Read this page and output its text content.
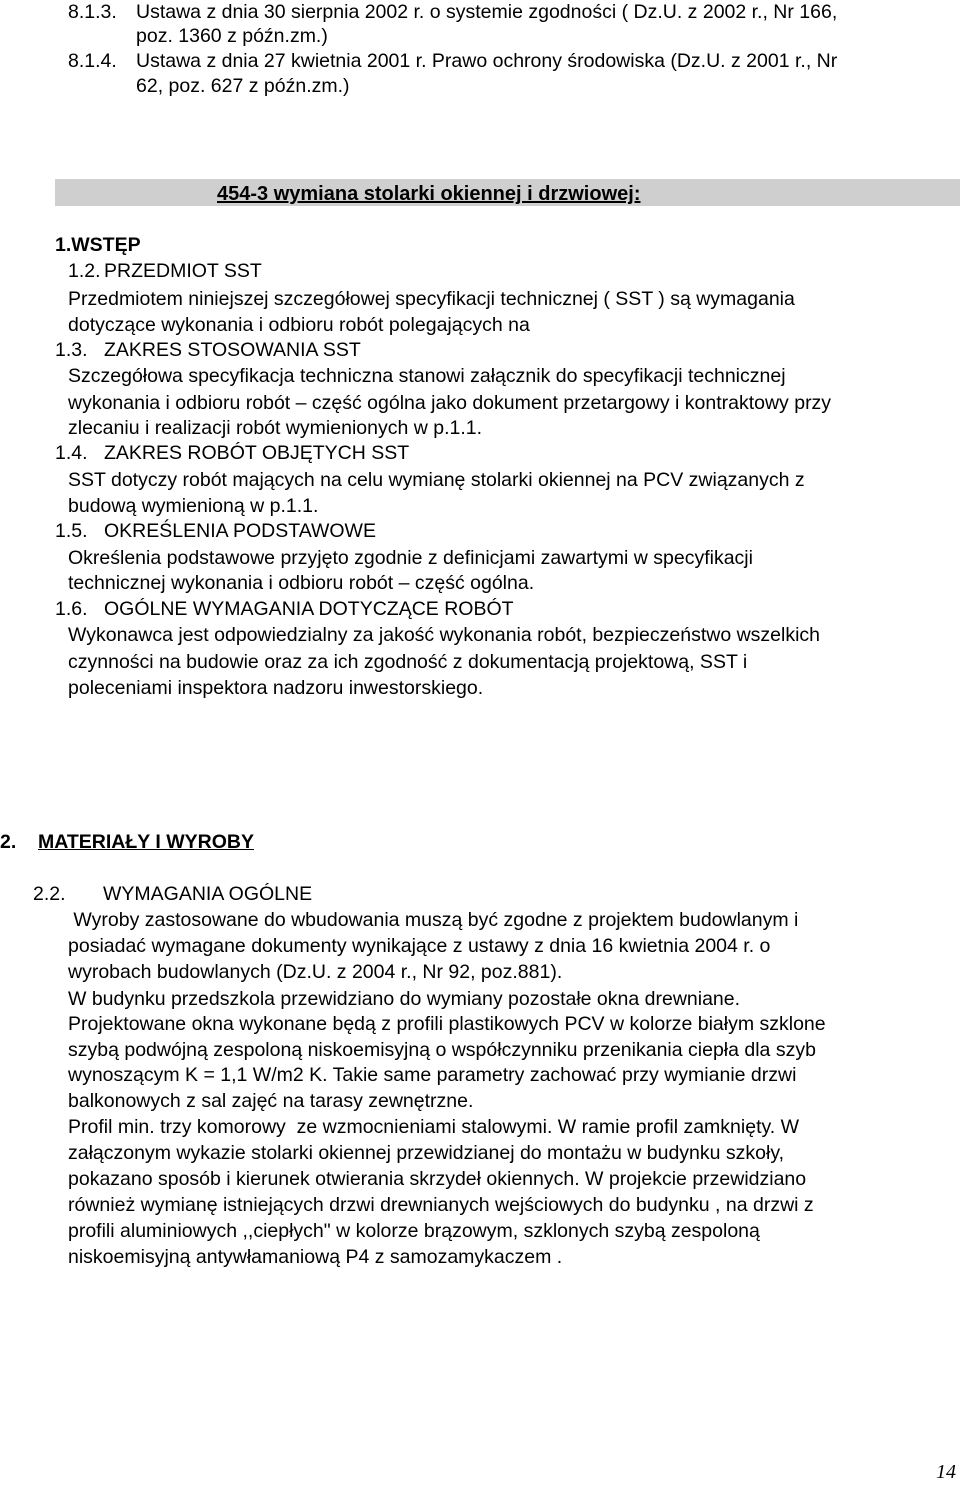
8.1.3. Ustawa z dnia 30 sierpnia 2002 r. o systemie zgodności ( Dz.U. z 2002 r., Nr 166,
poz. 1360 z późn.zm.)
8.1.4. Ustawa z dnia 27 kwietnia 2001 r. Prawo ochrony środowiska (Dz.U. z 2001 r., Nr
62, poz. 627 z późn.zm.)
454-3 wymiana stolarki okiennej i drzwiowej:
1.WSTĘP
1.2. PRZEDMIOT SST
Przedmiotem niniejszej szczegółowej specyfikacji technicznej ( SST ) są wymagania
dotyczące wykonania i odbioru robót polegających na
1.3. ZAKRES STOSOWANIA SST
Szczegółowa specyfikacja techniczna stanowi załącznik do specyfikacji technicznej
wykonania i odbioru robót – część ogólna jako dokument przetargowy i kontraktowy przy
zlecaniu i realizacji robót wymienionych w p.1.1.
1.4. ZAKRES ROBÓT OBJĘTYCH SST
SST dotyczy robót mających na celu wymianę stolarki okiennej na PCV związanych z
budową wymienioną w p.1.1.
1.5. OKREŚLENIA PODSTAWOWE
Określenia podstawowe przyjęto zgodnie z definicjami zawartymi w specyfikacji
technicznej wykonania i odbioru robót – część ogólna.
1.6. OGÓLNE WYMAGANIA DOTYCZĄCE ROBÓT
Wykonawca jest odpowiedzialny za jakość wykonania robót, bezpieczeństwo wszelkich
czynności na budowie oraz za ich zgodność z dokumentacją projektową, SST i
poleceniami inspektora nadzoru inwestorskiego.
2. MATERIAŁY I WYROBY
2.2. WYMAGANIA OGÓLNE
Wyroby zastosowane do wbudowania muszą być zgodne z projektem budowlanym i
posiadać wymagane dokumenty wynikające z ustawy z dnia 16 kwietnia 2004 r. o
wyrobach budowlanych (Dz.U. z 2004 r., Nr 92, poz.881).
W budynku przedszkola przewidziano do wymiany pozostałe okna drewniane.
Projektowane okna wykonane będą z profili plastikowych PCV w kolorze białym szklone
szybą podwójną zespoloną niskoemisyjną o współczynniku przenikania ciepła dla szyb
wynoszącym K = 1,1 W/m2 K. Takie same parametry zachować przy wymianie drzwi
balkonowych z sal zajęć na tarasy zewnętrzne.
Profil min. trzy komorowy  ze wzmocnieniami stalowymi. W ramie profil zamknięty. W
załączonym wykazie stolarki okiennej przewidzianej do montażu w budynku szkoły,
pokazano sposób i kierunek otwierania skrzydeł okiennych. W projekcie przewidziano
również wymianę istniejących drzwi drewnianych wejściowych do budynku , na drzwi z
profili aluminiowych ,,ciepłych" w kolorze brązowym, szklonych szybą zespoloną
niskoemisyjną antywłamaniową P4 z samozamykaczem .
14
